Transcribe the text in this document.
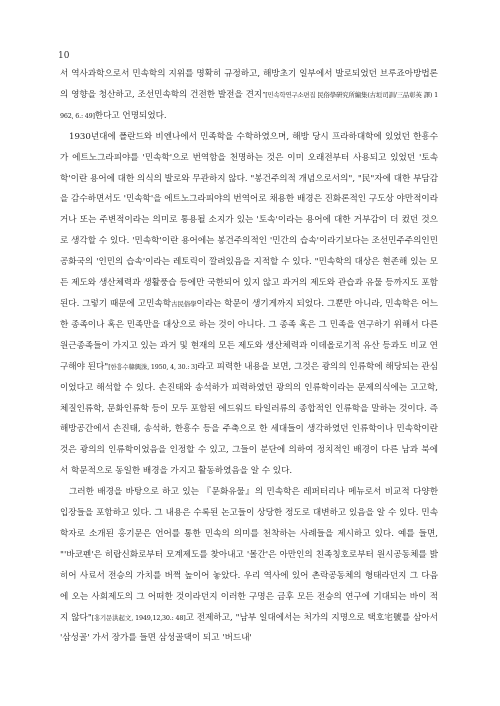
10

서 역사과학으로서 민속학의 지위를 명확히 규정하고, 해방초기 일부에서 발로되었던 브루죠아방법론의 영향을 청산하고, 조선민속학의 건전한 발전을 견지”[민속학연구소편집 民俗學硏究所編集(古垣司訓/三品彰英 譯) 1962, 6.: 49]한다고 언명되었다.

1930년대에 폴란드와 비엔나에서 민족학을 수학하였으며, 해방 당시 프라하대학에 있었던 한흥수가 에트노그라피야를 '민속학'으로 번역함을 천명하는 것은 이미 오래전부터 사용되고 있었던 '토속학'이란 용어에 대한 의식의 발로와 무관하지 않다. "봉건주의적 개념으로서의", "民"자에 대한 부담감을 감수하면서도 '민속학'을 에트노그라피야의 번역어로 채용한 배경은 진화론적인 구도상 야만적이라거나 또는 주변적이라는 의미로 통용될 소지가 있는 '토속'이라는 용어에 대한 거부감이 더 컸던 것으로 생각할 수 있다. '민속학'이란 용어에는 봉건주의적인 '민간의 습속'이라기보다는 조선민주주의인민공화국의 '인민의 습속'이라는 레토릭이 깔려있음을 지적할 수 있다. "민속학의 대상은 현존해 있는 모든 제도와 생산체력과 생활풍습 등에만 국한되어 있지 않고 과거의 제도와 관습과 유물 등까지도 포함된다. 그렇기 때문에 고민속학古民俗學이라는 학문이 생기게까지 되었다. 그뿐만 아니라, 민속학은 어느 한 종족이나 혹은 민족만을 대상으로 하는 것이 아니다. 그 종족 혹은 그 민족을 연구하기 위해서 다른 원근종족들이 가지고 있는 과거 및 현재의 모든 제도와 생산체력과 이데올로기적 유산 등과도 비교 연구해야 된다"[한흥수韓興洙, 1950, 4, 30.: 3]라고 피력한 내용을 보면, 그것은 광의의 인류학에 해당되는 관심이었다고 해석할 수 있다. 손진태와 송석하가 피력하였던 광의의 인류학이라는 문제의식에는 고고학, 체질인류학, 문화인류학 등이 모두 포함된 에드워드 타일러류의 종합적인 인류학을 말하는 것이다. 즉 해방공간에서 손진태, 송석하, 한흥수 등을 주축으로 한 세대들이 생각하였던 인류학이나 민속학이란 것은 광의의 인류학이었음을 인정할 수 있고, 그들이 분단에 의하여 정치적인 배경이 다른 남과 북에서 학문적으로 동일한 배경을 가지고 활동하였음을 알 수 있다.

그러한 배경을 바탕으로 하고 있는 『문화유물』의 민속학은 레퍼터리나 메뉴로서 비교적 다양한 입장들을 포함하고 있다. 그 내용은 수록된 논고들이 상당한 정도로 대변하고 있음을 알 수 있다. 민속학자로 소개된 홍기문은 언어를 통한 민속의 의미를 천착하는 사례들을 제시하고 있다. 예를 들면, "'바코펜'은 히랍신화로부터 모계제도를 찾아내고 '몰간'은 아만인의 친족칭호로부터 원시공동체를 밝히어 사료서 전승의 가치를 버쩍 높이어 놓았다. 우리 역사에 있어 촌락공동체의 형태라던지 그 다음에 오는 사회제도의 그 어떠한 것이라던지 이러한 구명은 금후 모든 전승의 연구에 기대되는 바이 적지 않다"[홍기문洪起文, 1949,12,30.: 48]고 전제하고, "남부 일대에서는 처가의 지명으로 택호宅號를 삼아서 '삼성골' 가서 장가를 들면 삼성골댁이 되고 '버드내'
